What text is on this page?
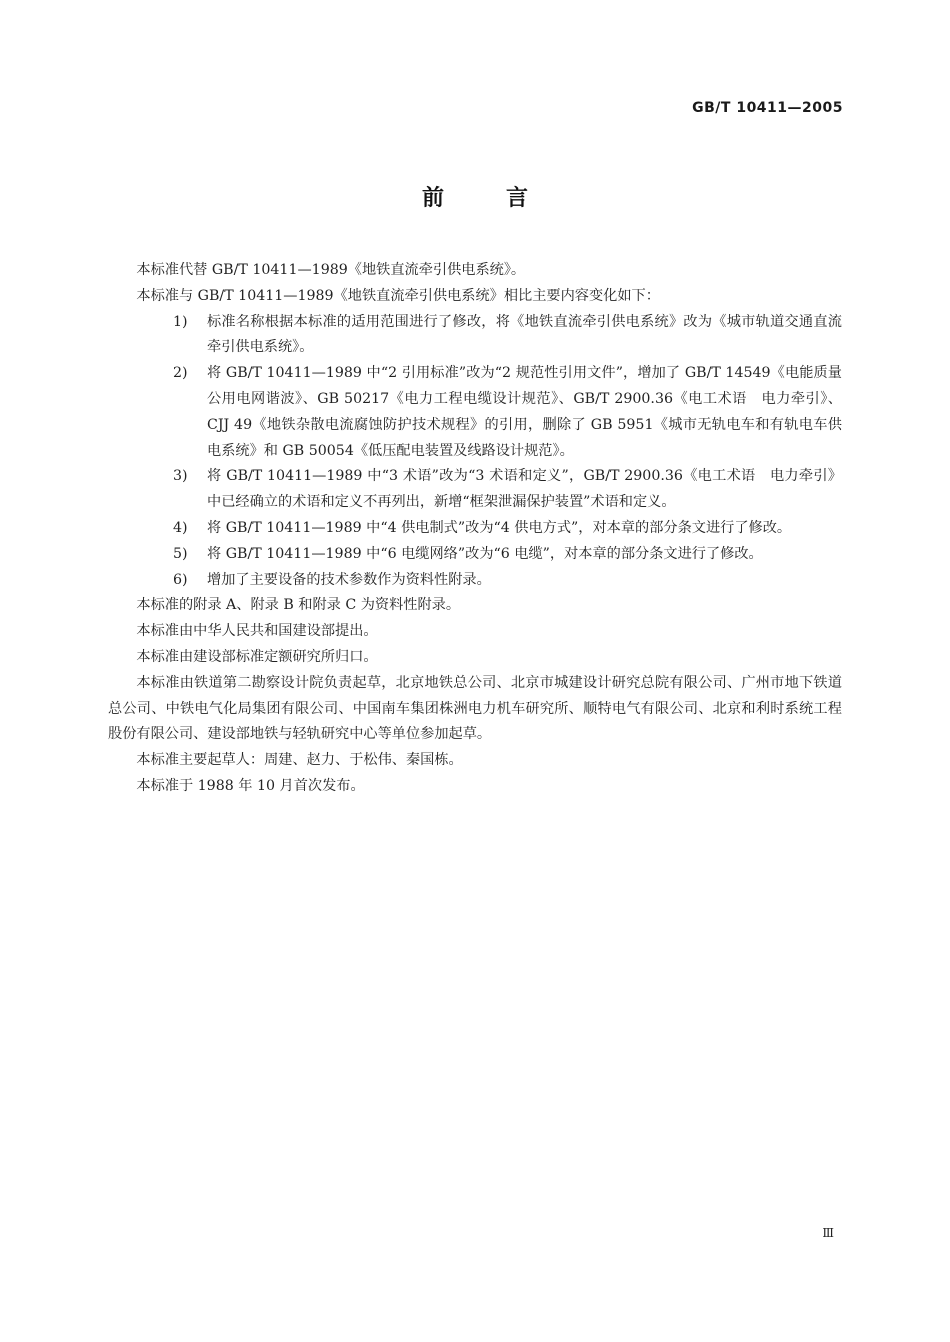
GB/T 10411—2005
前言

本标准代替 GB/T 10411—1989《地铁直流牵引供电系统》。

本标准与 GB/T 10411—1989《地铁直流牵引供电系统》相比主要内容变化如下：

1) 标准名称根据本标准的适用范围进行了修改，将《地铁直流牵引供电系统》改为《城市轨道交通直流牵引供电系统》。
2) 将 GB/T 10411—1989 中“2 引用标准”改为“2 规范性引用文件”，增加了 GB/T 14549《电能质量　公用电网谐波》、GB 50217《电力工程电缆设计规范》、GB/T 2900.36《电工术语　电力牵引》、CJJ 49《地铁杂散电流腐蚀防护技术规程》的引用，删除了 GB 5951《城市无轨电车和有轨电车供电系统》和 GB 50054《低压配电装置及线路设计规范》。
3) 将 GB/T 10411—1989 中“3 术语”改为“3 术语和定义”，GB/T 2900.36《电工术语　电力牵引》中已经确立的术语和定义不再列出，新增“框架泄漏保护装置”术语和定义。
4) 将 GB/T 10411—1989 中“4 供电制式”改为“4 供电方式”，对本章的部分条文进行了修改。
5) 将 GB/T 10411—1989 中“6 电缆网络”改为“6 电缆”，对本章的部分条文进行了修改。
6) 增加了主要设备的技术参数作为资料性附录。

本标准的附录 A、附录 B 和附录 C 为资料性附录。

本标准由中华人民共和国建设部提出。

本标准由建设部标准定额研究所归口。

本标准由铁道第二勘察设计院负责起草，北京地铁总公司、北京市城建设计研究总院有限公司、广州市地下铁道总公司、中铁电气化局集团有限公司、中国南车集团株洲电力机车研究所、顺特电气有限公司、北京和利时系统工程股份有限公司、建设部地铁与轻轨研究中心等单位参加起草。

本标准主要起草人：周建、赵力、于松伟、秦国栋。

本标准于 1988 年 10 月首次发布。

Ⅲ
